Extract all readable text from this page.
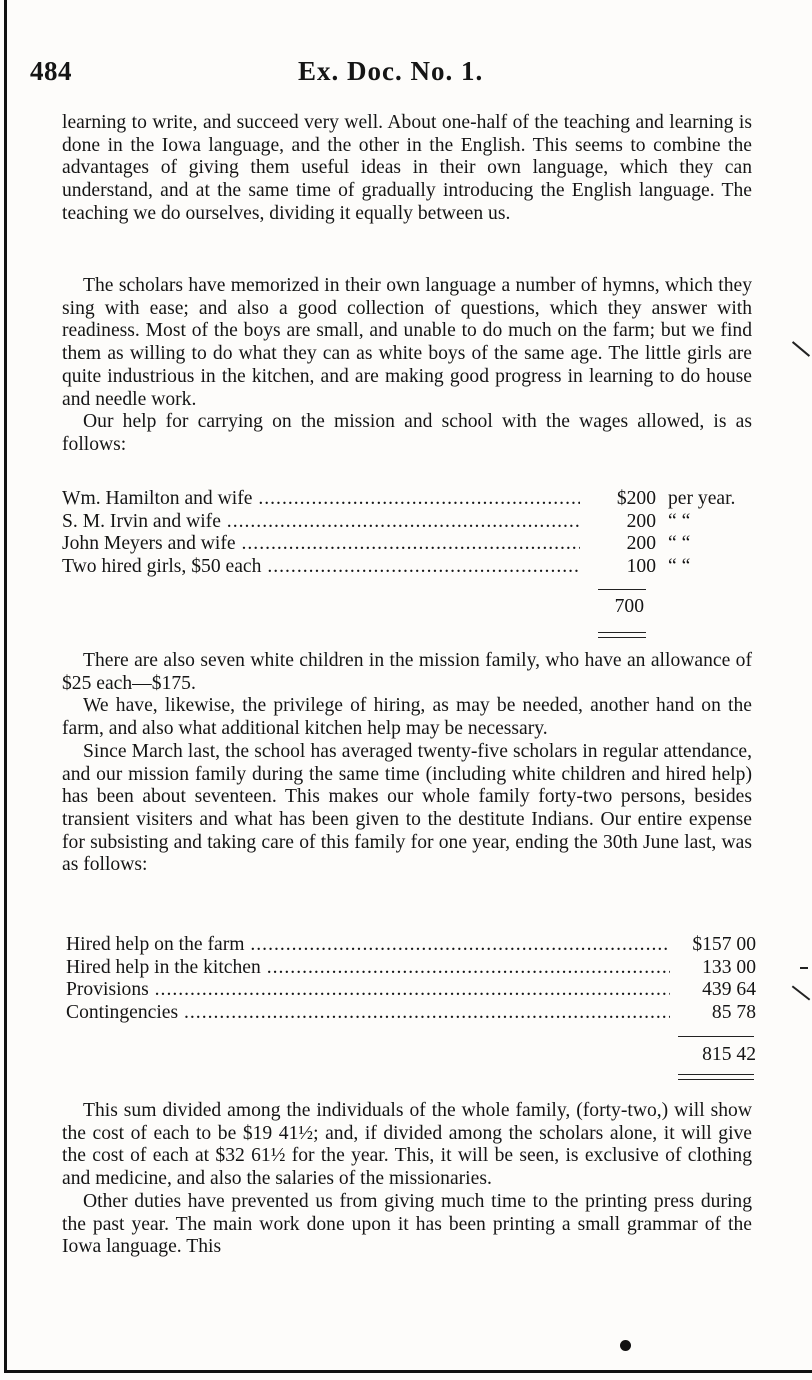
484	Ex. Doc. No. 1.

learning to write, and succeed very well. About one-half of the teaching and learning is done in the Iowa language, and the other in the English. This seems to combine the advantages of giving them useful ideas in their own language, which they can understand, and at the same time of gradually introducing the English language. The teaching we do ourselves, dividing it equally between us.

The scholars have memorized in their own language a number of hymns, which they sing with ease; and also a good collection of questions, which they answer with readiness. Most of the boys are small, and unable to do much on the farm; but we find them as willing to do what they can as white boys of the same age. The little girls are quite industrious in the kitchen, and are making good progress in learning to do house and needle work.

Our help for carrying on the mission and school with the wages allowed, is as follows:

Wm. Hamilton and wife .....	$200 per year.
S. M. Irvin and wife .....	200 “ “
John Meyers and wife .....	200 “ “
Two hired girls, $50 each .....	100 “ “
700

There are also seven white children in the mission family, who have an allowance of $25 each—$175.

We have, likewise, the privilege of hiring, as may be needed, another hand on the farm, and also what additional kitchen help may be necessary.

Since March last, the school has averaged twenty-five scholars in regular attendance, and our mission family during the same time (including white children and hired help) has been about seventeen. This makes our whole family forty-two persons, besides transient visiters and what has been given to the destitute Indians. Our entire expense for subsisting and taking care of this family for one year, ending the 30th June last, was as follows:

Hired help on the farm .....	$157 00
Hired help in the kitchen .....	133 00
Provisions .....	439 64
Contingencies .....	85 78
815 42

This sum divided among the individuals of the whole family, (forty-two,) will show the cost of each to be $19 41½; and, if divided among the scholars alone, it will give the cost of each at $32 61½ for the year. This, it will be seen, is exclusive of clothing and medicine, and also the salaries of the missionaries.

Other duties have prevented us from giving much time to the printing press during the past year. The main work done upon it has been printing a small grammar of the Iowa language. This
